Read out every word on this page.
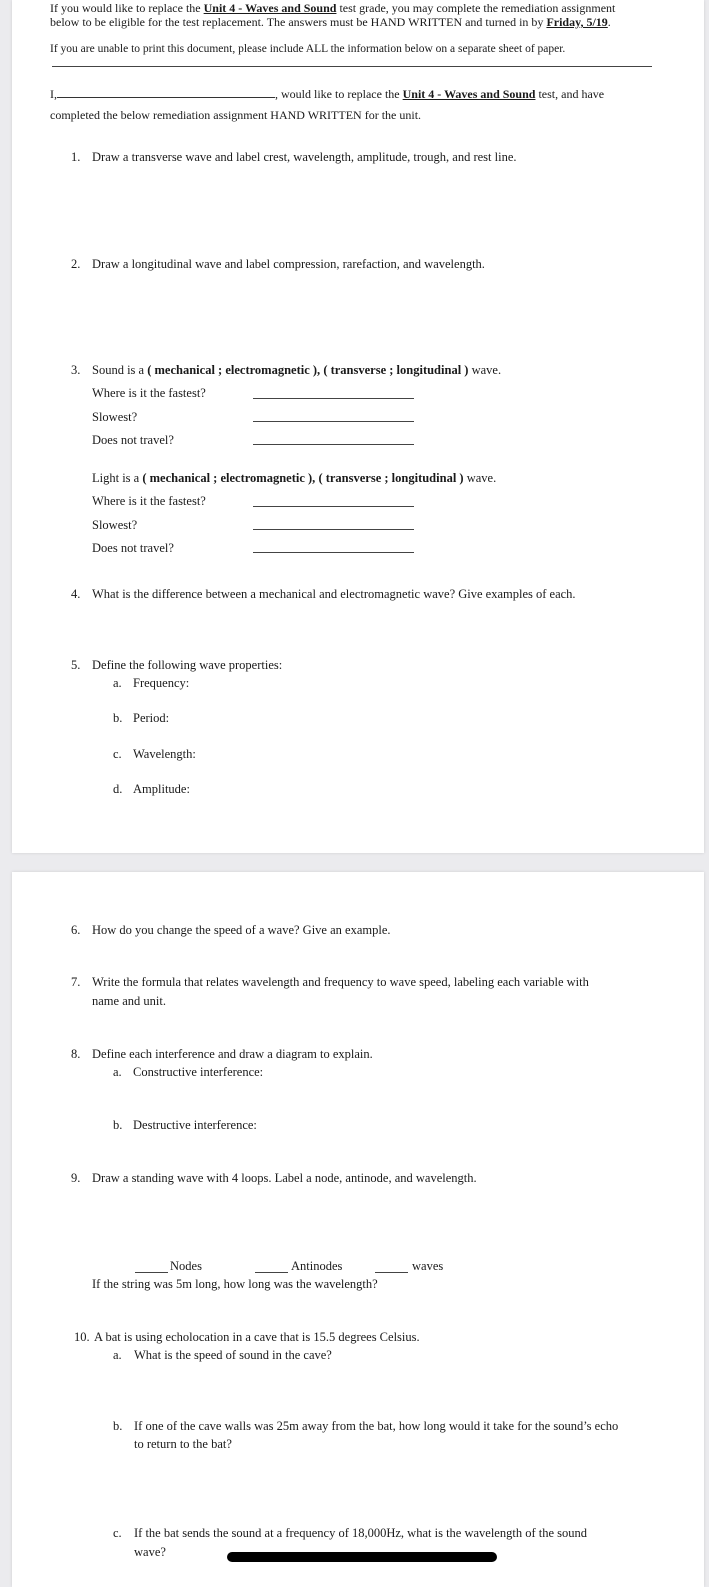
If you would like to replace the Unit 4 - Waves and Sound test grade, you may complete the remediation assignment
below to be eligible for the test replacement. The answers must be HAND WRITTEN and turned in by Friday, 5/19.
If you are unable to print this document, please include ALL the information below on a separate sheet of paper.
I,	, would like to replace the Unit 4 - Waves and Sound test, and have
completed the below remediation assignment HAND WRITTEN for the unit.
1. Draw a transverse wave and label crest, wavelength, amplitude, trough, and rest line.
2. Draw a longitudinal wave and label compression, rarefaction, and wavelength.
3. Sound is a ( mechanical ; electromagnetic ), ( transverse ; longitudinal ) wave.
Where is it the fastest?
Slowest?
Does not travel?
Light is a ( mechanical ; electromagnetic ), ( transverse ; longitudinal ) wave.
Where is it the fastest?
Slowest?
Does not travel?
4. What is the difference between a mechanical and electromagnetic wave? Give examples of each.
5. Define the following wave properties:
a. Frequency:
b. Period:
c. Wavelength:
d. Amplitude:
6. How do you change the speed of a wave? Give an example.
7. Write the formula that relates wavelength and frequency to wave speed, labeling each variable with
name and unit.
8. Define each interference and draw a diagram to explain.
a. Constructive interference:
b. Destructive interference:
9. Draw a standing wave with 4 loops. Label a node, antinode, and wavelength.
Nodes	Antinodes	waves
If the string was 5m long, how long was the wavelength?
10. A bat is using echolocation in a cave that is 15.5 degrees Celsius.
a. What is the speed of sound in the cave?
b. If one of the cave walls was 25m away from the bat, how long would it take for the sound’s echo
to return to the bat?
c. If the bat sends the sound at a frequency of 18,000Hz, what is the wavelength of the sound
wave?
